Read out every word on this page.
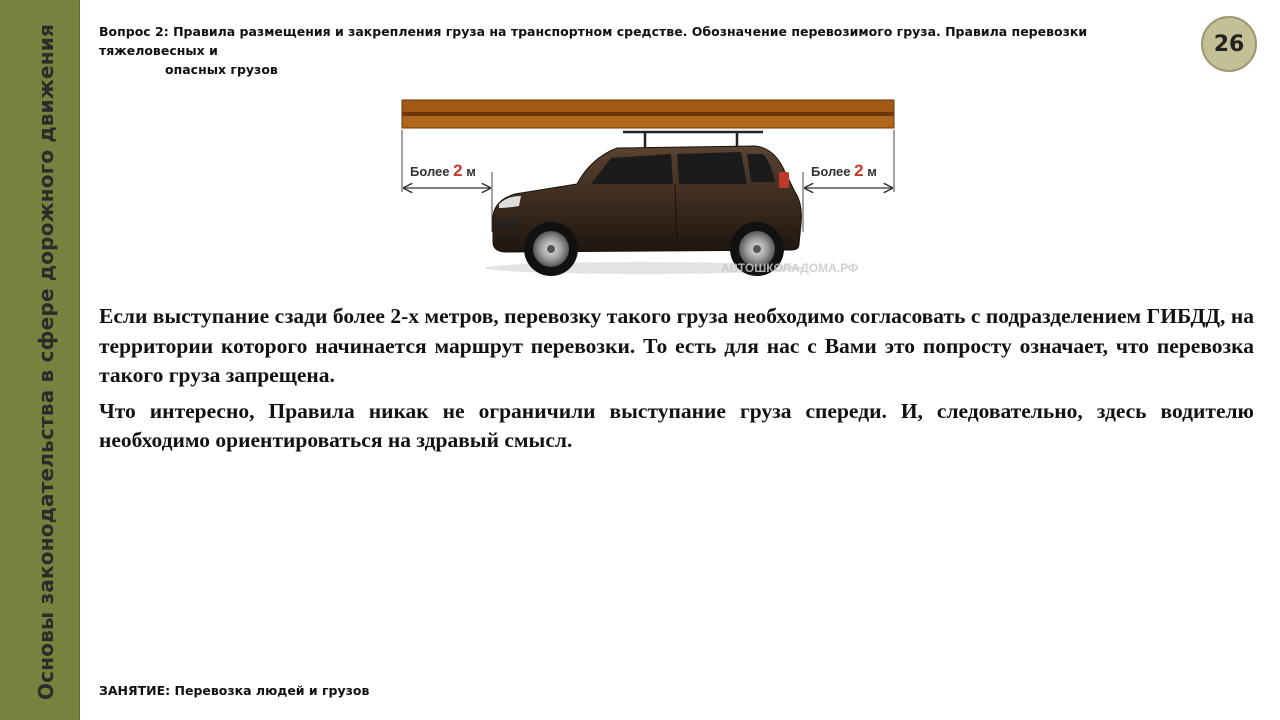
Основы законодательства в сфере дорожного движения	Вопрос 2: Правила размещения и закрепления груза на транспортном средстве. Обозначение перевозимого груза. Правила перевозки тяжеловесных и
опасных грузов
26
Более 2 м	Более 2 м
АВТОШКОЛАДОМА.РФ

Если выступание сзади более 2-х метров, перевозку такого груза необходимо согласовать с подразделением ГИБДД, на территории которого начинается маршрут перевозки. То есть для нас с Вами это попросту означает, что перевозка такого груза запрещена.

Что интересно, Правила никак не ограничили выступание груза спереди. И, следовательно, здесь водителю необходимо ориентироваться на здравый смысл.

ЗАНЯТИЕ: Перевозка людей и грузов
